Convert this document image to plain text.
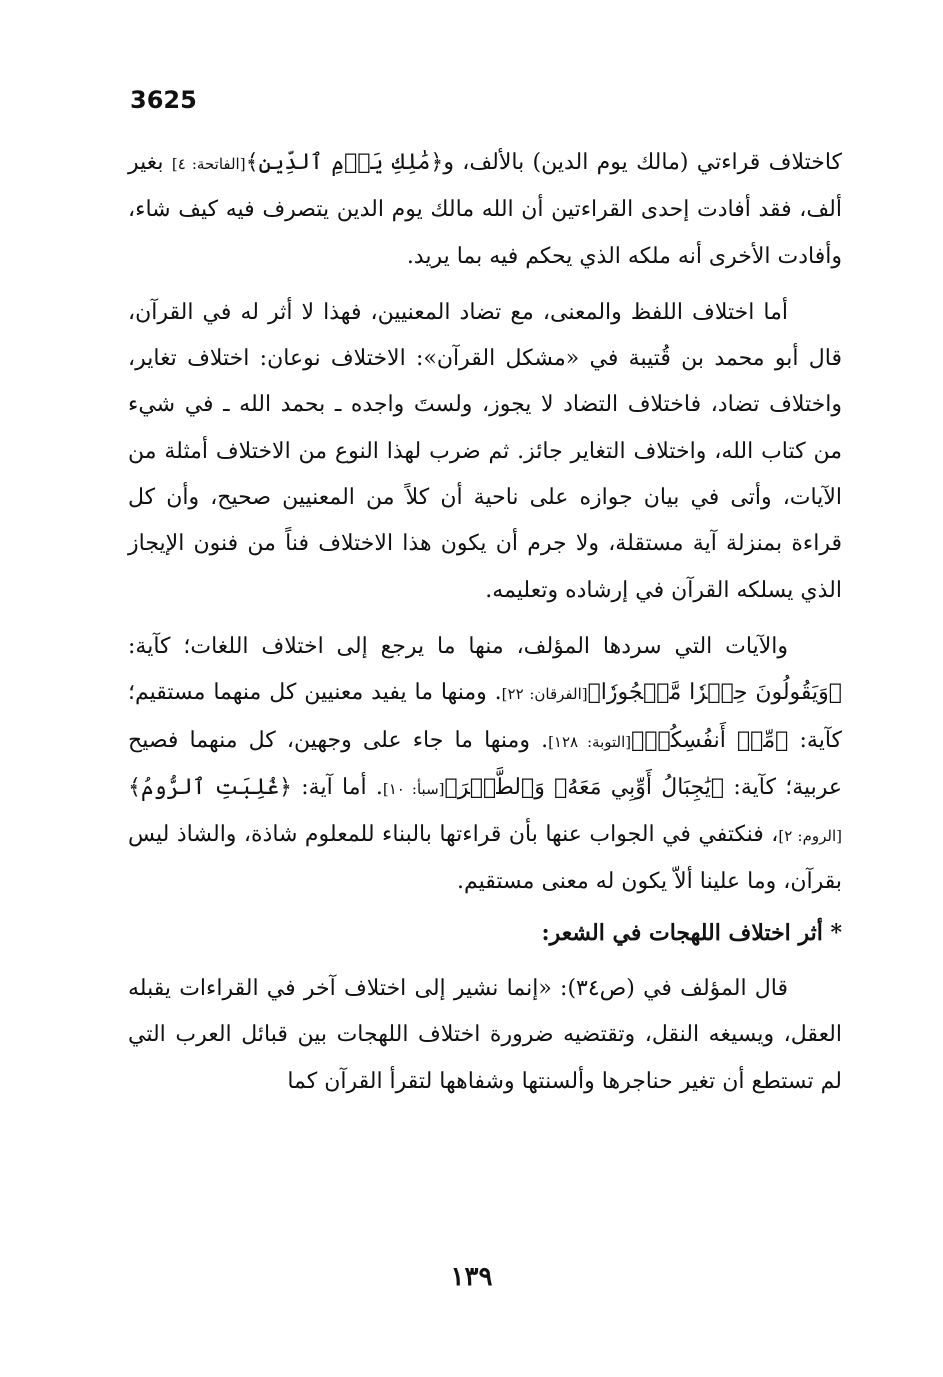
3625

كاختلاف قراءتي (مالك يوم الدين) بالألف، و﴿مَٰلِكِ يَوۡمِ ٱلدِّينِ﴾[الفاتحة: ٤] بغير ألف، فقد أفادت إحدى القراءتين أن الله مالك يوم الدين يتصرف فيه كيف شاء، وأفادت الأخرى أنه ملكه الذي يحكم فيه بما يريد.

أما اختلاف اللفظ والمعنى، مع تضاد المعنيين، فهذا لا أثر له في القرآن، قال أبو محمد بن قُتيبة في «مشكل القرآن»: الاختلاف نوعان: اختلاف تغاير، واختلاف تضاد، فاختلاف التضاد لا يجوز، ولستَ واجده ـ بحمد الله ـ في شيء من كتاب الله، واختلاف التغاير جائز. ثم ضرب لهذا النوع من الاختلاف أمثلة من الآيات، وأتى في بيان جوازه على ناحية أن كلاً من المعنيين صحيح، وأن كل قراءة بمنزلة آية مستقلة، ولا جرم أن يكون هذا الاختلاف فناً من فنون الإيجاز الذي يسلكه القرآن في إرشاده وتعليمه.

والآيات التي سردها المؤلف، منها ما يرجع إلى اختلاف اللغات؛ كآية: ﴿وَيَقُولُونَ حِجۡرٗا مَّحۡجُورٗا﴾[الفرقان: ٢٢]. ومنها ما يفيد معنيين كل منهما مستقيم؛ كآية: ﴿مِّنۡ أَنفُسِكُمۡ﴾[التوبة: ١٢٨]. ومنها ما جاء على وجهين، كل منهما فصيح عربية؛ كآية: ﴿يَٰجِبَالُ أَوِّبِي مَعَهُۥ وَٱلطَّيۡرَ﴾[سبأ: ١٠]. أما آية: ﴿غُلِبَتِ ٱلرُّومُ﴾[الروم: ٢]، فنكتفي في الجواب عنها بأن قراءتها بالبناء للمعلوم شاذة، والشاذ ليس بقرآن، وما علينا ألاّ يكون له معنى مستقيم.

* أثر اختلاف اللهجات في الشعر:

قال المؤلف في (ص٣٤): «إنما نشير إلى اختلاف آخر في القراءات يقبله العقل، ويسيغه النقل، وتقتضيه ضرورة اختلاف اللهجات بين قبائل العرب التي لم تستطع أن تغير حناجرها وألسنتها وشفاهها لتقرأ القرآن كما

١٣٩
